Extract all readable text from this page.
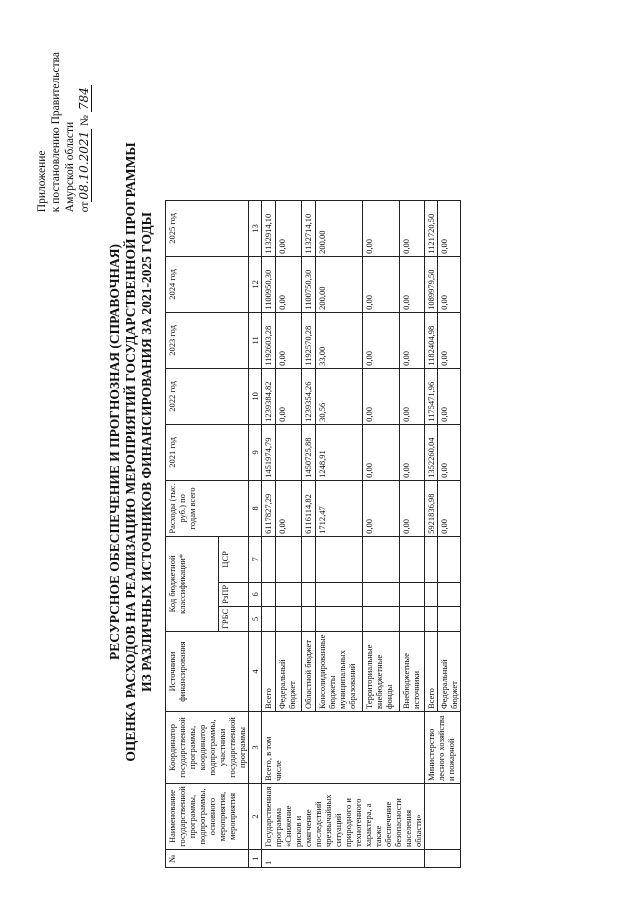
Приложение к постановлению Правительства Амурской области от08.10.2021 № 784
РЕСУРСНОЕ ОБЕСПЕЧЕНИЕ И ПРОГНОЗНАЯ (СПРАВОЧНАЯ) ОЦЕНКА РАСХОДОВ НА РЕАЛИЗАЦИЮ МЕРОПРИЯТИЙ ГОСУДАРСТВЕННОЙ ПРОГРАММЫ ИЗ РАЗЛИЧНЫХ ИСТОЧНИКОВ ФИНАНСИРОВАНИЯ ЗА 2021-2025 ГОДЫ
№	Наименование государственной программы, подпрограммы, основного мероприятия, мероприятия	Координатор государственной программы, координатор подпрограммы, участники государственной программы	Источники финансирования	Код бюджетной классификации*			Расходы (тыс. руб.) по годам всего	2021 год	2022 год	2023 год	2024 год	2025 год
				ГРБС	РзПР	ЦСР						
1	2	3	4	5	6	7	8	9	10	11	12	13
1	Государственная программа «Снижение рисков и смягчение последствий чрезвычайных ситуаций природного и техногенного характера, а также обеспечение безопасности населения области»	Всего, в том числе	Всего				6117827,29	1451974,79	1239384,82	1192603,28	1100950,30	1132914,10
			Федеральный бюджет				0,00		0,00	0,00	0,00	0,00
			Областной бюджет				6116114,82	1450725,88	1239354,26	1192570,28	1100750,30	1132714,10
			Консолидированные бюджеты муниципальных образований				1712,47	1248,91	30,56	33,00	200,00	200,00
			Территориальные внебюджетные фонды				0,00	0,00	0,00	0,00	0,00	0,00
			Внебюджетные источники				0,00	0,00	0,00	0,00	0,00	0,00
		Министерство лесного хозяйства и пожарной	Всего				5921836,98	1352260,04	1175471,96	1182404,98	1089979,50	1121720,50
			Федеральный бюджет				0,00	0,00	0,00	0,00	0,00	0,00
